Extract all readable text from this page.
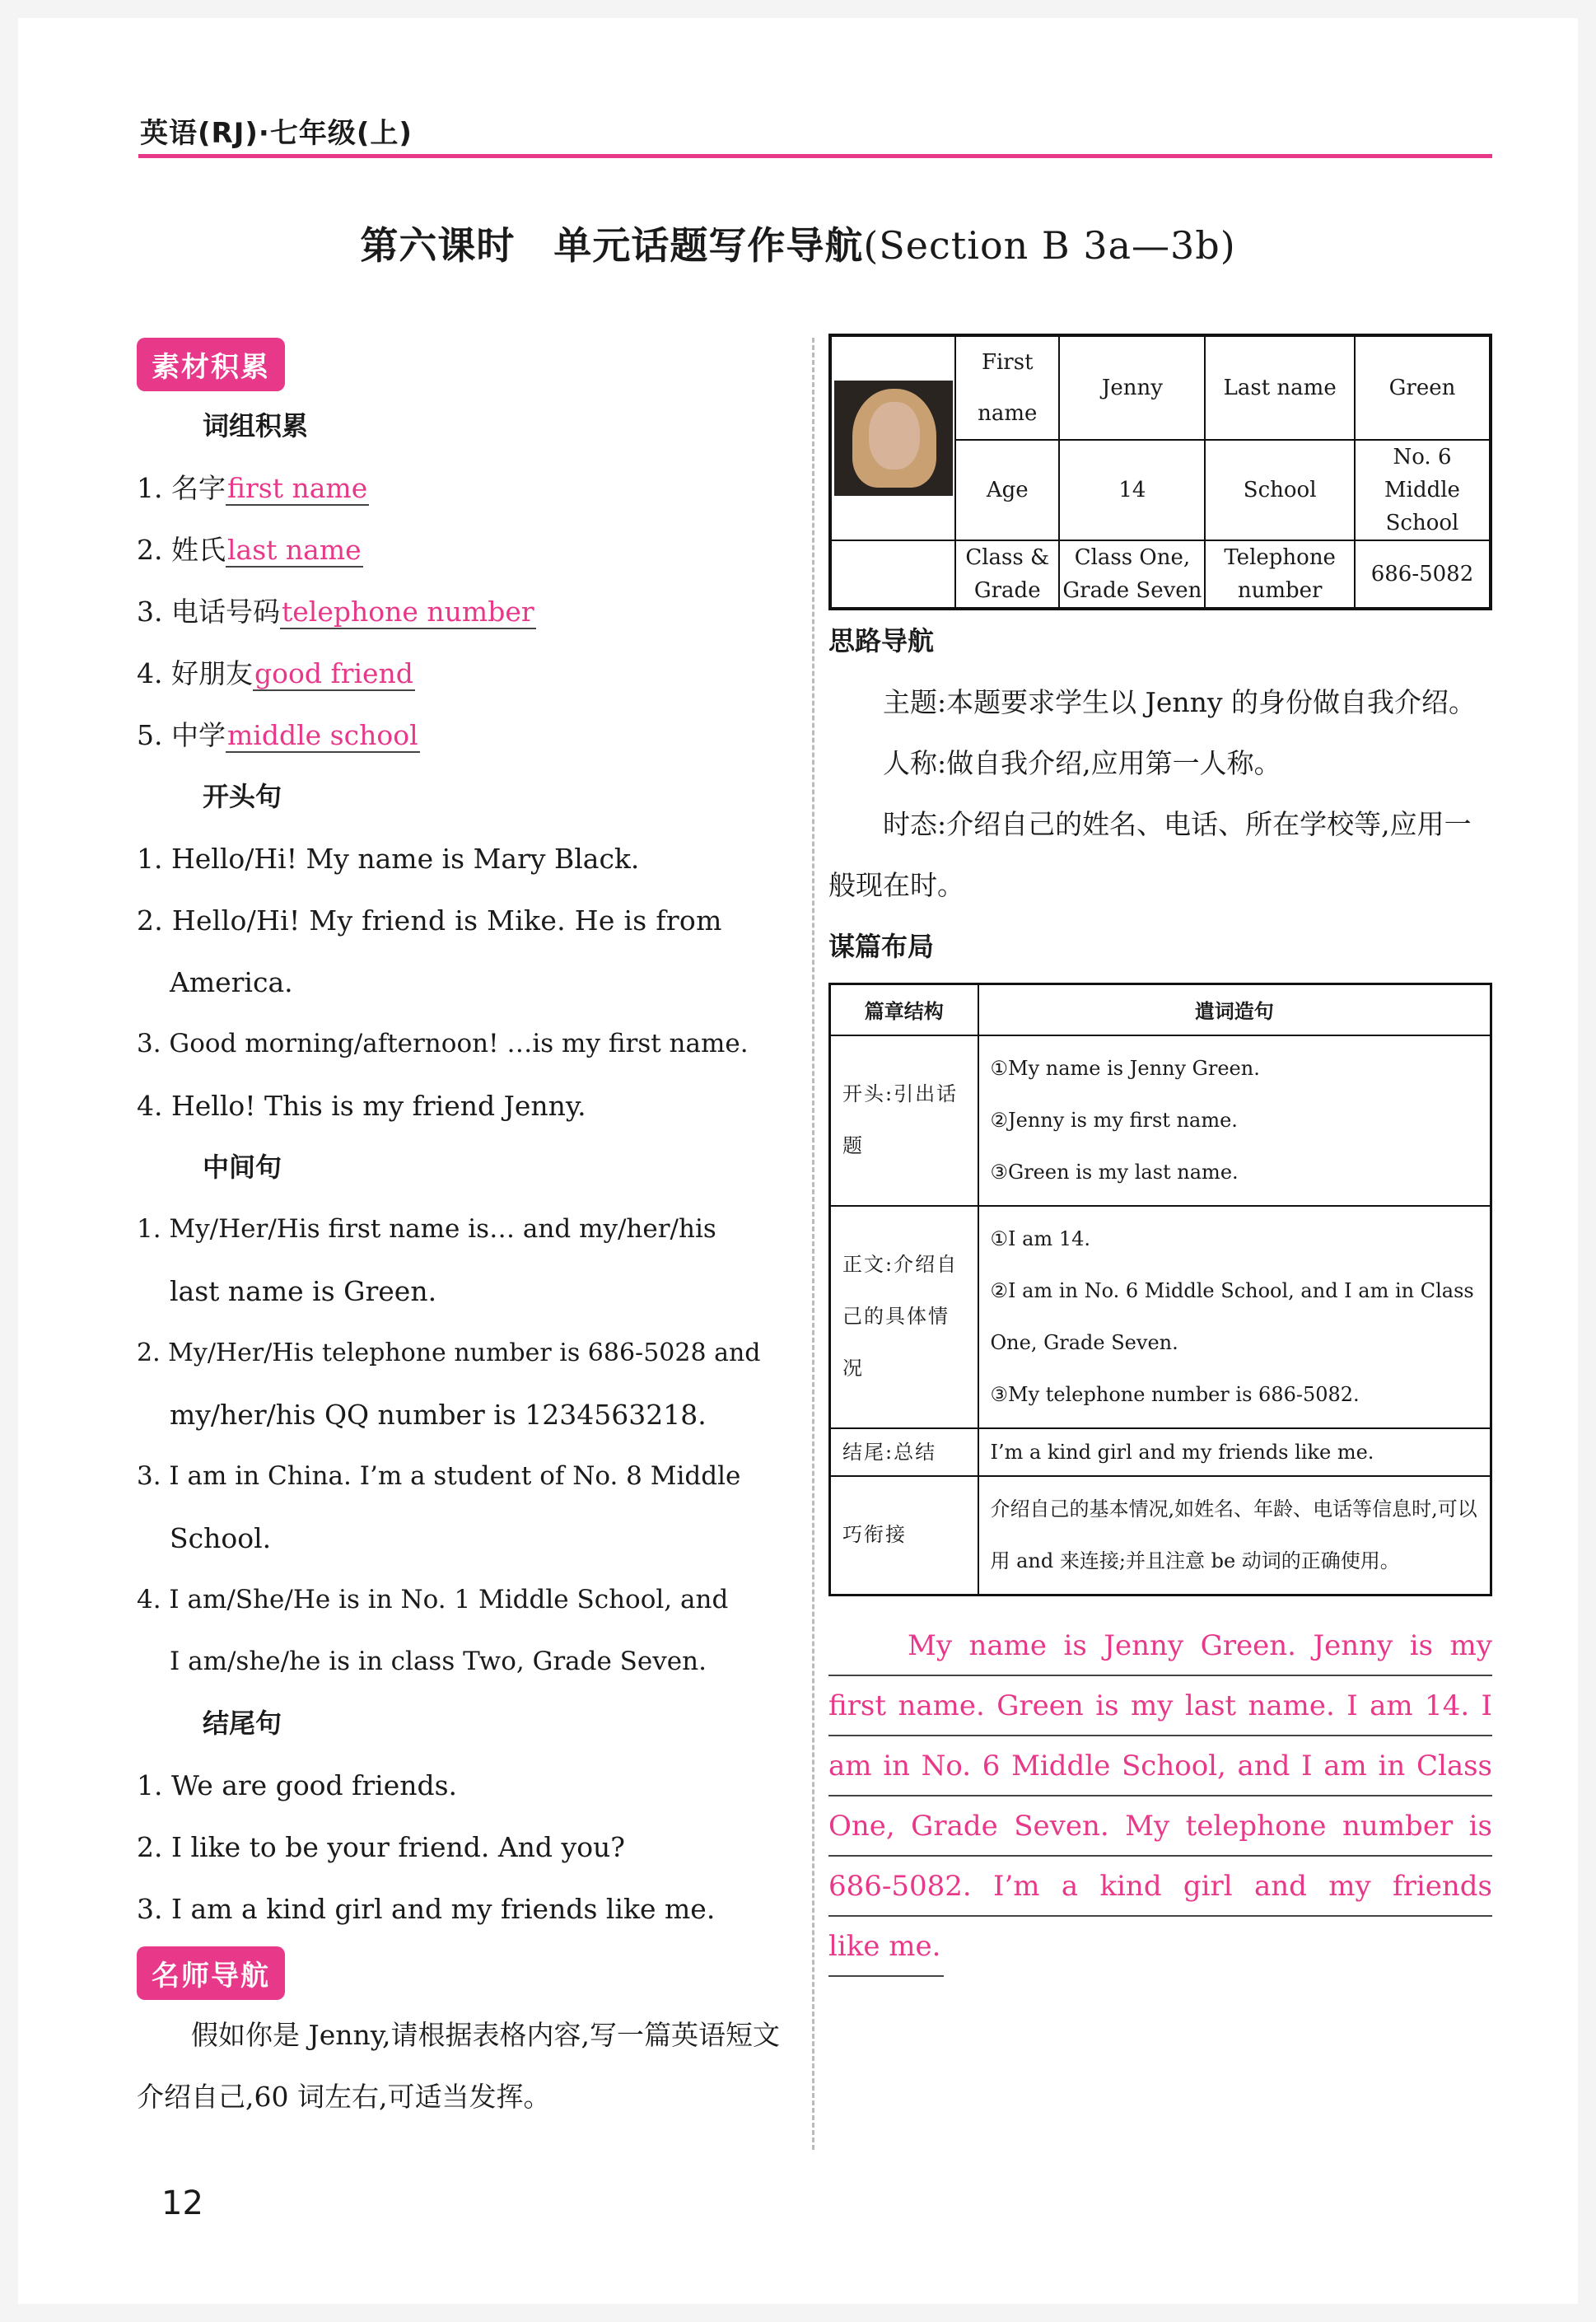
英语(RJ)·七年级(上)
第六课时　单元话题写作导航(Section B 3a—3b)
素材积累
词组积累
1. 名字first name
2. 姓氏last name
3. 电话号码telephone number
4. 好朋友good friend
5. 中学middle school
开头句
1. Hello/Hi! My name is Mary Black.
2. Hello/Hi! My friend is Mike. He is from
America.
3. Good morning/afternoon! …is my first name.
4. Hello! This is my friend Jenny.
中间句
1. My/Her/His first name is… and my/her/his
last name is Green.
2. My/Her/His telephone number is 686-5028 and
my/her/his QQ number is 1234563218.
3. I am in China. I’m a student of No. 8 Middle
School.
4. I am/She/He is in No. 1 Middle School, and
I am/she/he is in class Two, Grade Seven.
结尾句
1. We are good friends.
2. I like to be your friend. And you?
3. I am a kind girl and my friends like me.
名师导航
假如你是 Jenny,请根据表格内容,写一篇英语短文介绍自己,60 词左右,可适当发挥。
	First name	Jenny	Last name	Green
	Age	14	School	No. 6 Middle School
	Class & Grade	Class One, Grade Seven	Telephone number	686-5082
思路导航
主题:本题要求学生以 Jenny 的身份做自我介绍。
人称:做自我介绍,应用第一人称。
时态:介绍自己的姓名、电话、所在学校等,应用一般现在时。
谋篇布局
篇章结构	遣词造句
开头:引出话题	①My name is Jenny Green.
②Jenny is my first name.
③Green is my last name.

正文:介绍自己的具体情况	①I am 14.
②I am in No. 6 Middle School, and I am in Class One, Grade Seven.
③My telephone number is 686-5082.

结尾:总结	I’m a kind girl and my friends like me.

巧衔接	介绍自己的基本情况,如姓名、年龄、电话等信息时,可以用 and 来连接;并且注意 be 动词的正确使用。
My name is Jenny Green. Jenny is my
first name. Green is my last name. I am 14. I
am in No. 6 Middle School, and I am in Class
One, Grade Seven. My telephone number is
686-5082. I’m a kind girl and my friends
like me.
12
